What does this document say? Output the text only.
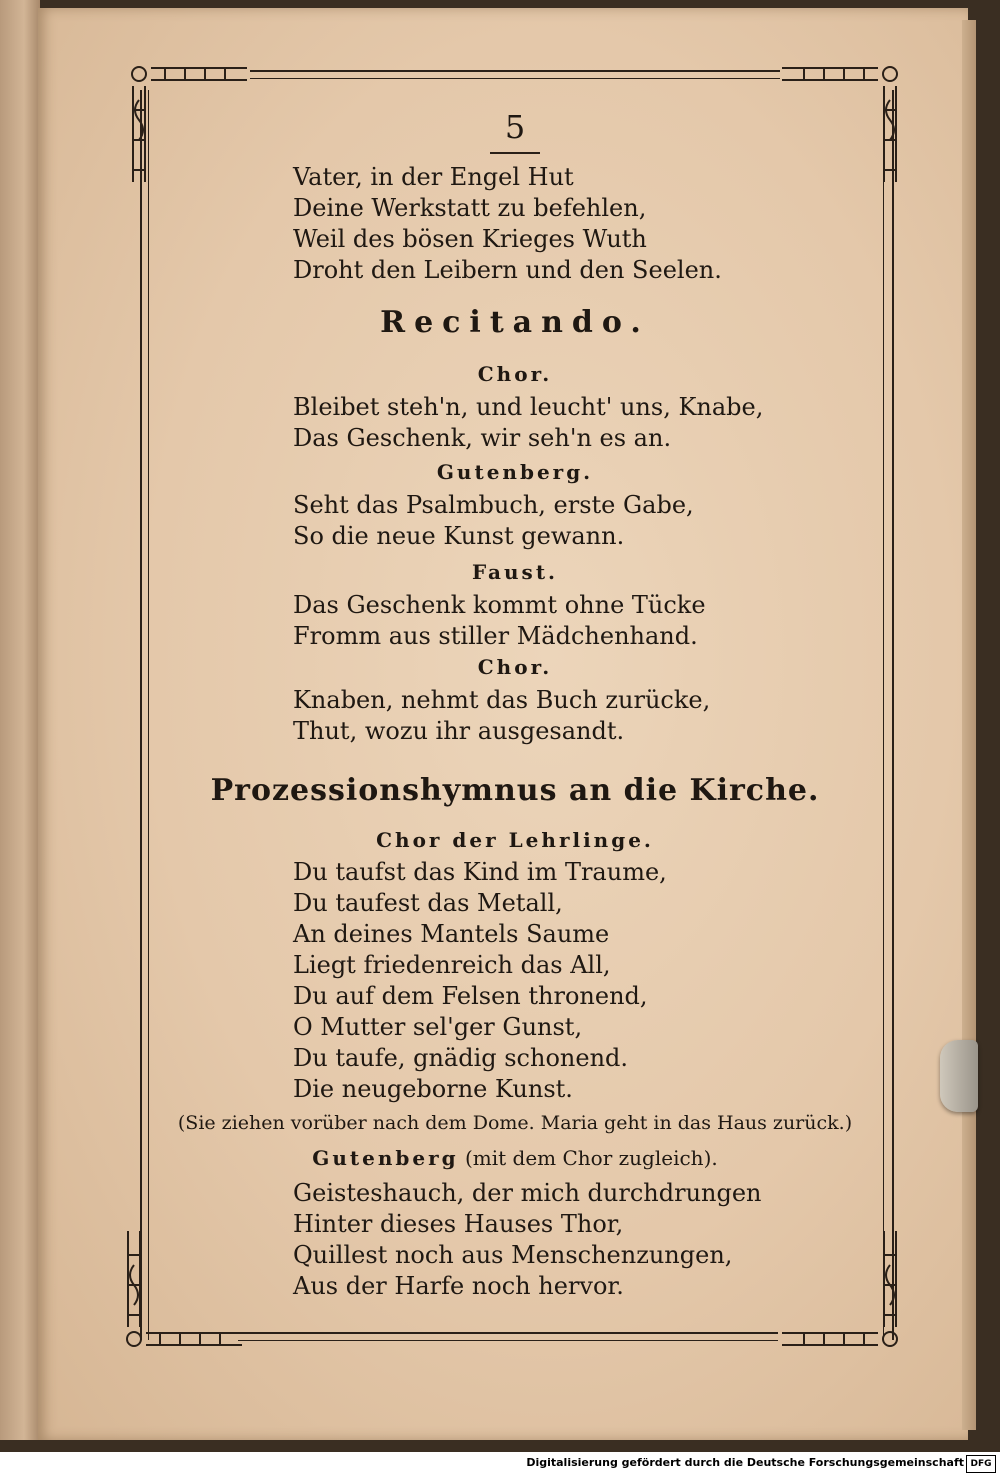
5
Vater, in der Engel Hut
Deine Werkstatt zu befehlen,
Weil des bösen Krieges Wuth
Droht den Leibern und den Seelen.
Recitando.
Chor.
Bleibet steh'n, und leucht' uns, Knabe,
Das Geschenk, wir seh'n es an.
Gutenberg.
Seht das Psalmbuch, erste Gabe,
So die neue Kunst gewann.
Faust.
Das Geschenk kommt ohne Tücke
Fromm aus stiller Mädchenhand.
Chor.
Knaben, nehmt das Buch zurücke,
Thut, wozu ihr ausgesandt.
Prozessionshymnus an die Kirche.
Chor der Lehrlinge.
Du taufst das Kind im Traume,
Du taufest das Metall,
An deines Mantels Saume
Liegt friedenreich das All,
Du auf dem Felsen thronend,
O Mutter sel'ger Gunst,
Du taufe, gnädig schonend.
Die neugeborne Kunst.
(Sie ziehen vorüber nach dem Dome. Maria geht in das Haus zurück.)
Gutenberg (mit dem Chor zugleich).
Geisteshauch, der mich durchdrungen
Hinter dieses Hauses Thor,
Quillest noch aus Menschenzungen,
Aus der Harfe noch hervor.
Digitalisierung gefördert durch die Deutsche Forschungsgemeinschaft DFG
